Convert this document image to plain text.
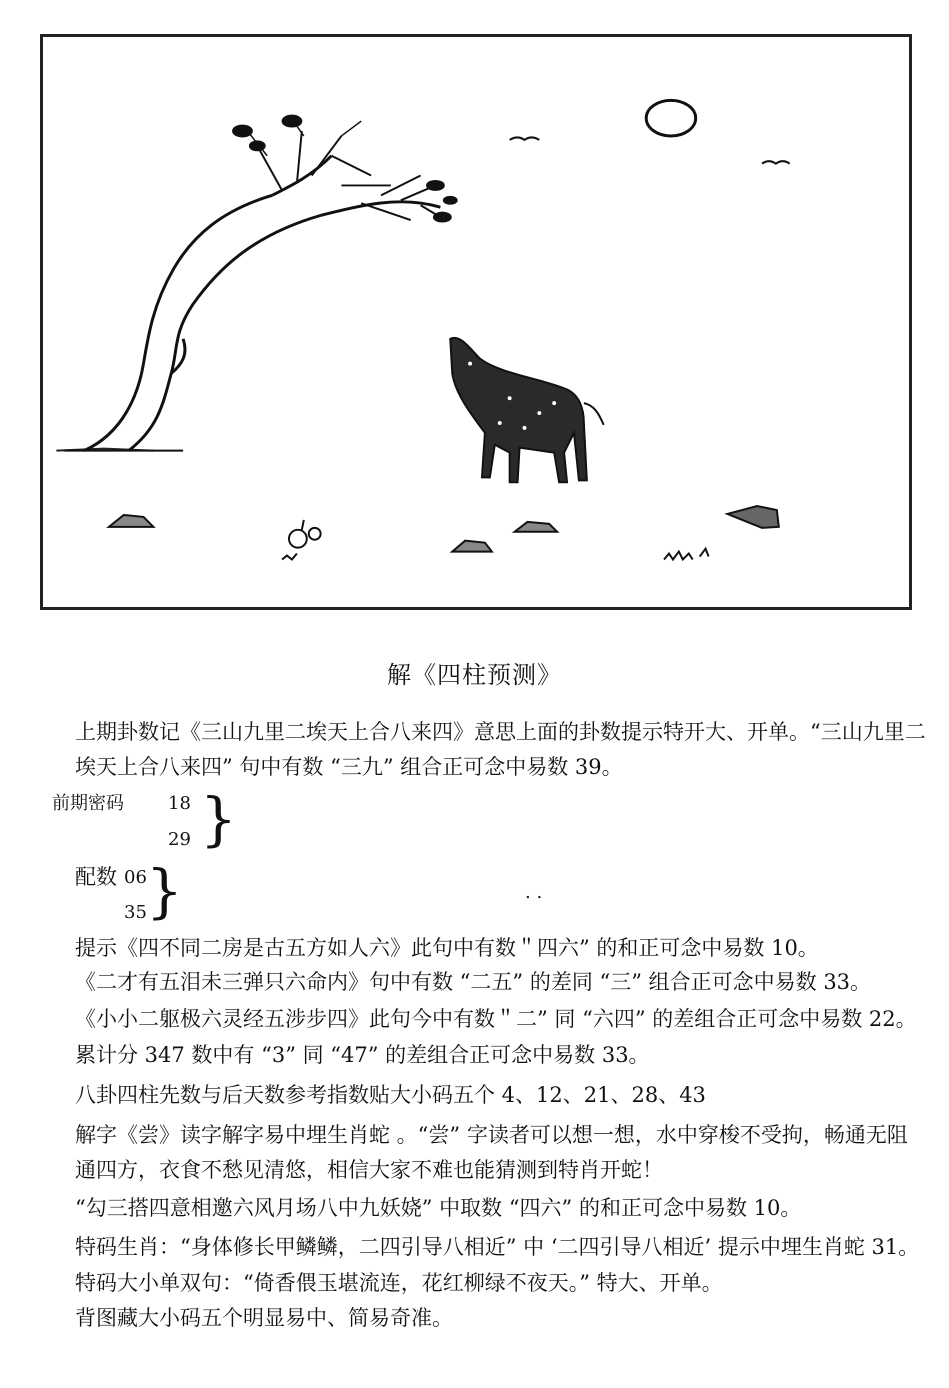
解《四柱预测》
上期卦数记《三山九里二埃天上合八来四》意思上面的卦数提示特开大、开单。“三山九里二
埃天上合八来四” 句中有数 “三九” 组合正可念中易数 39。
前期密码 18
29 }
配数 06
35 }	. .
提示《四不同二房是古五方如人六》此句中有数＂四六” 的和正可念中易数 10。
《二才有五泪未三弹只六命内》句中有数 “二五” 的差同 “三” 组合正可念中易数 33。
《小小二躯极六灵经五涉步四》此句今中有数＂二” 同 “六四” 的差组合正可念中易数 22。
累计分 347 数中有 “3” 同 “47” 的差组合正可念中易数 33。
八卦四柱先数与后天数参考指数贴大小码五个 4、12、21、28、43
解字《尝》读字解字易中埋生肖蛇 。“尝” 字读者可以想一想，水中穿梭不受拘，畅通无阻
通四方，衣食不愁见清悠，相信大家不难也能猜测到特肖开蛇！
“勾三搭四意相邀六风月场八中九妖娆” 中取数 “四六” 的和正可念中易数 10。
特码生肖：“身体修长甲鳞鳞，二四引导八相近” 中 ‘二四引导八相近’ 提示中埋生肖蛇 31。
特码大小单双句：“倚香偎玉堪流连，花红柳绿不夜天。” 特大、开单。
背图藏大小码五个明显易中、简易奇准。
